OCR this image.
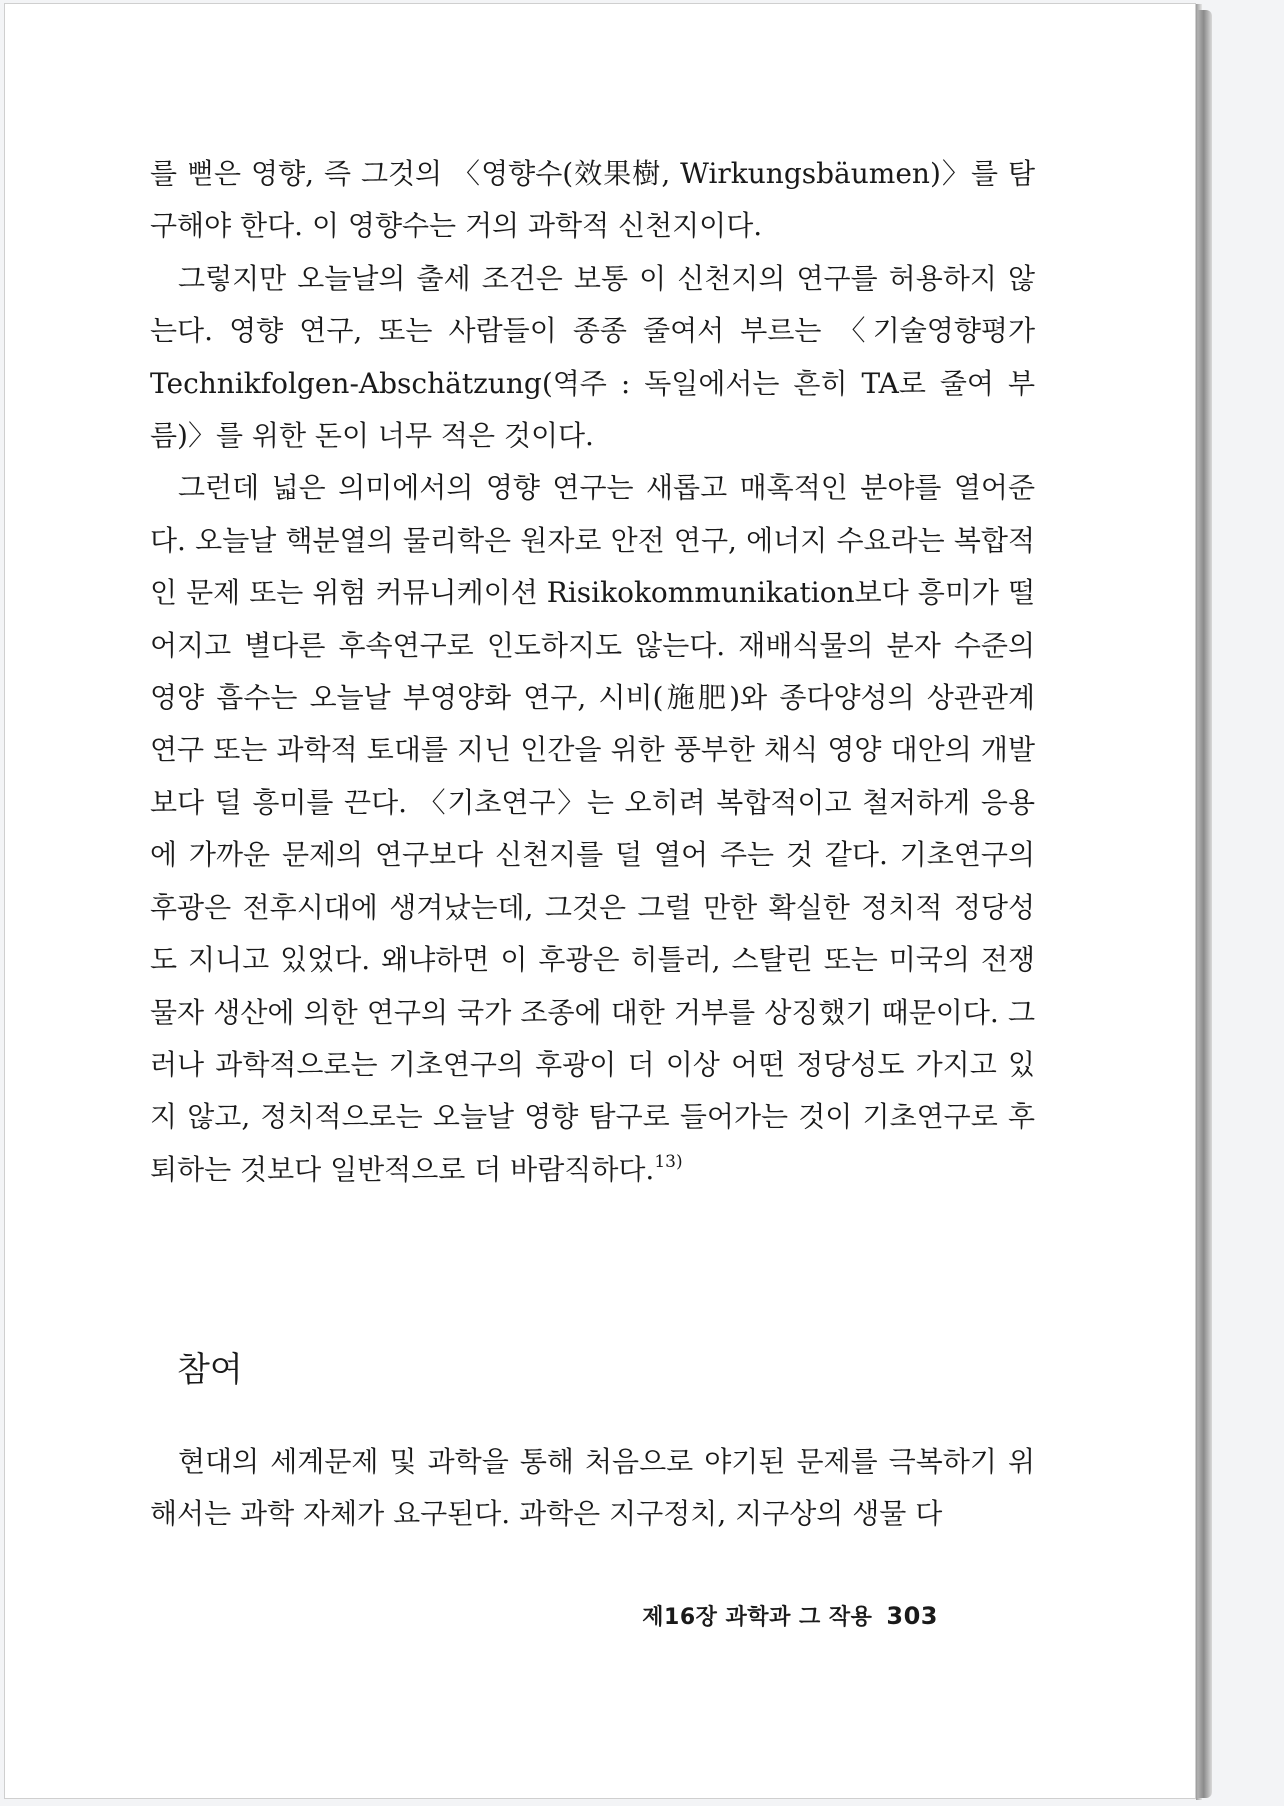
를 뻗은 영향, 즉 그것의 〈영향수(效果樹, Wirkungsbäumen)〉를 탐구해야 한다. 이 영향수는 거의 과학적 신천지이다.

그렇지만 오늘날의 출세 조건은 보통 이 신천지의 연구를 허용하지 않는다. 영향 연구, 또는 사람들이 종종 줄여서 부르는 〈기술영향평가 Technikfolgen-Abschätzung(역주 : 독일에서는 흔히 TA로 줄여 부름)〉를 위한 돈이 너무 적은 것이다.

그런데 넓은 의미에서의 영향 연구는 새롭고 매혹적인 분야를 열어준다. 오늘날 핵분열의 물리학은 원자로 안전 연구, 에너지 수요라는 복합적인 문제 또는 위험 커뮤니케이션 Risikokommunikation보다 흥미가 떨어지고 별다른 후속연구로 인도하지도 않는다. 재배식물의 분자 수준의 영양 흡수는 오늘날 부영양화 연구, 시비(施肥)와 종다양성의 상관관계 연구 또는 과학적 토대를 지닌 인간을 위한 풍부한 채식 영양 대안의 개발보다 덜 흥미를 끈다. 〈기초연구〉는 오히려 복합적이고 철저하게 응용에 가까운 문제의 연구보다 신천지를 덜 열어 주는 것 같다. 기초연구의 후광은 전후시대에 생겨났는데, 그것은 그럴 만한 확실한 정치적 정당성도 지니고 있었다. 왜냐하면 이 후광은 히틀러, 스탈린 또는 미국의 전쟁물자 생산에 의한 연구의 국가 조종에 대한 거부를 상징했기 때문이다. 그러나 과학적으로는 기초연구의 후광이 더 이상 어떤 정당성도 가지고 있지 않고, 정치적으로는 오늘날 영향 탐구로 들어가는 것이 기초연구로 후퇴하는 것보다 일반적으로 더 바람직하다.$^{13)}$

참여

현대의 세계문제 및 과학을 통해 처음으로 야기된 문제를 극복하기 위해서는 과학 자체가 요구된다. 과학은 지구정치, 지구상의 생물 다

제16장 과학과 그 작용 303
